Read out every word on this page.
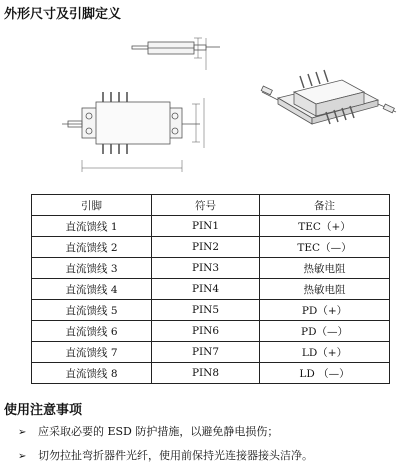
外形尺寸及引脚定义
引脚	符号	备注
直流馈线 1	PIN1	TEC（+）
直流馈线 2	PIN2	TEC（—）
直流馈线 3	PIN3	热敏电阻
直流馈线 4	PIN4	热敏电阻
直流馈线 5	PIN5	PD（+）
直流馈线 6	PIN6	PD（—）
直流馈线 7	PIN7	LD（+）
直流馈线 8	PIN8	LD （—）
使用注意事项
➢ 应采取必要的 ESD 防护措施，以避免静电损伤；
➢ 切勿拉扯弯折器件光纤，使用前保持光连接器接头洁净。
